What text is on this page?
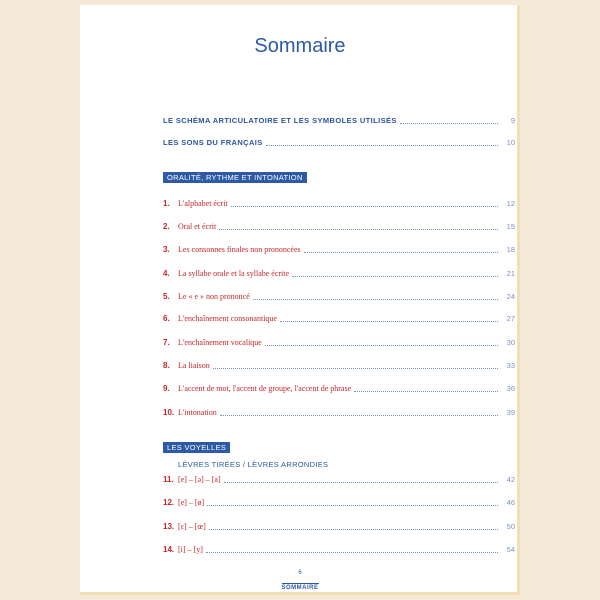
Sommaire
LE SCHÉMA ARTICULATOIRE ET LES SYMBOLES UTILISÉS	9
LES SONS DU FRANÇAIS	10
ORALITÉ, RYTHME ET INTONATION
1.	L'alphabet écrit	12
2.	Oral et écrit	15
3.	Les consonnes finales non prononcées	18
4.	La syllabe orale et la syllabe écrite	21
5.	Le « e » non prononcé	24
6.	L'enchaînement consonantique	27
7.	L'enchaînement vocalique	30
8.	La liaison	33
9.	L'accent de mot, l'accent de groupe, l'accent de phrase	36
10. L'intonation	39
LES VOYELLES
LÈVRES TIRÉES / LÈVRES ARRONDIES
11. [e] – [ə] – [a]	42
12. [e] – [ø]	46
13. [ɛ] – [œ]	50
14. [i] – [y]	54
6
SOMMAIRE
